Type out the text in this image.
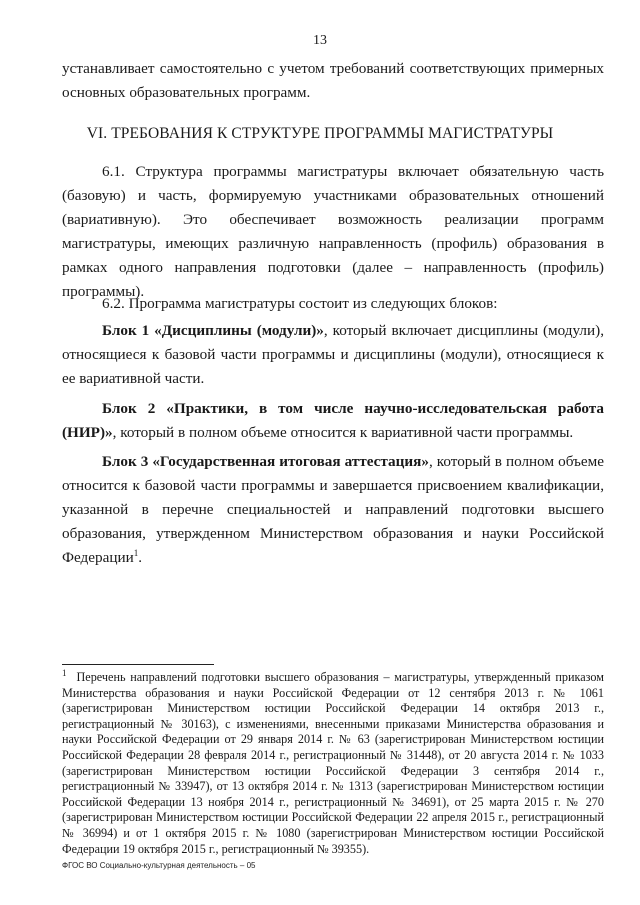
13

устанавливает самостоятельно с учетом требований соответствующих примерных основных образовательных программ.

VI. ТРЕБОВАНИЯ К СТРУКТУРЕ ПРОГРАММЫ МАГИСТРАТУРЫ

6.1. Структура программы магистратуры включает обязательную часть (базовую) и часть, формируемую участниками образовательных отношений (вариативную). Это обеспечивает возможность реализации программ магистратуры, имеющих различную направленность (профиль) образования в рамках одного направления подготовки (далее – направленность (профиль) программы).

6.2. Программа магистратуры состоит из следующих блоков:

Блок 1 «Дисциплины (модули)», который включает дисциплины (модули), относящиеся к базовой части программы и дисциплины (модули), относящиеся к ее вариативной части.

Блок 2 «Практики, в том числе научно-исследовательская работа (НИР)», который в полном объеме относится к вариативной части программы.

Блок 3 «Государственная итоговая аттестация», который в полном объеме относится к базовой части программы и завершается присвоением квалификации, указанной в перечне специальностей и направлений подготовки высшего образования, утвержденном Министерством образования и науки Российской Федерации$^1$.

$^1$ Перечень направлений подготовки высшего образования – магистратуры, утвержденный приказом Министерства образования и науки Российской Федерации от 12 сентября 2013 г. № 1061 (зарегистрирован Министерством юстиции Российской Федерации 14 октября 2013 г., регистрационный № 30163), с изменениями, внесенными приказами Министерства образования и науки Российской Федерации от 29 января 2014 г. № 63 (зарегистрирован Министерством юстиции Российской Федерации 28 февраля 2014 г., регистрационный № 31448), от 20 августа 2014 г. № 1033 (зарегистрирован Министерством юстиции Российской Федерации 3 сентября 2014 г., регистрационный № 33947), от 13 октября 2014 г. № 1313 (зарегистрирован Министерством юстиции Российской Федерации 13 ноября 2014 г., регистрационный № 34691), от 25 марта 2015 г. № 270 (зарегистрирован Министерством юстиции Российской Федерации 22 апреля 2015 г., регистрационный № 36994) и от 1 октября 2015 г. № 1080 (зарегистрирован Министерством юстиции Российской Федерации 19 октября 2015 г., регистрационный № 39355).

ФГОС ВО Социально-культурная деятельность – 05
